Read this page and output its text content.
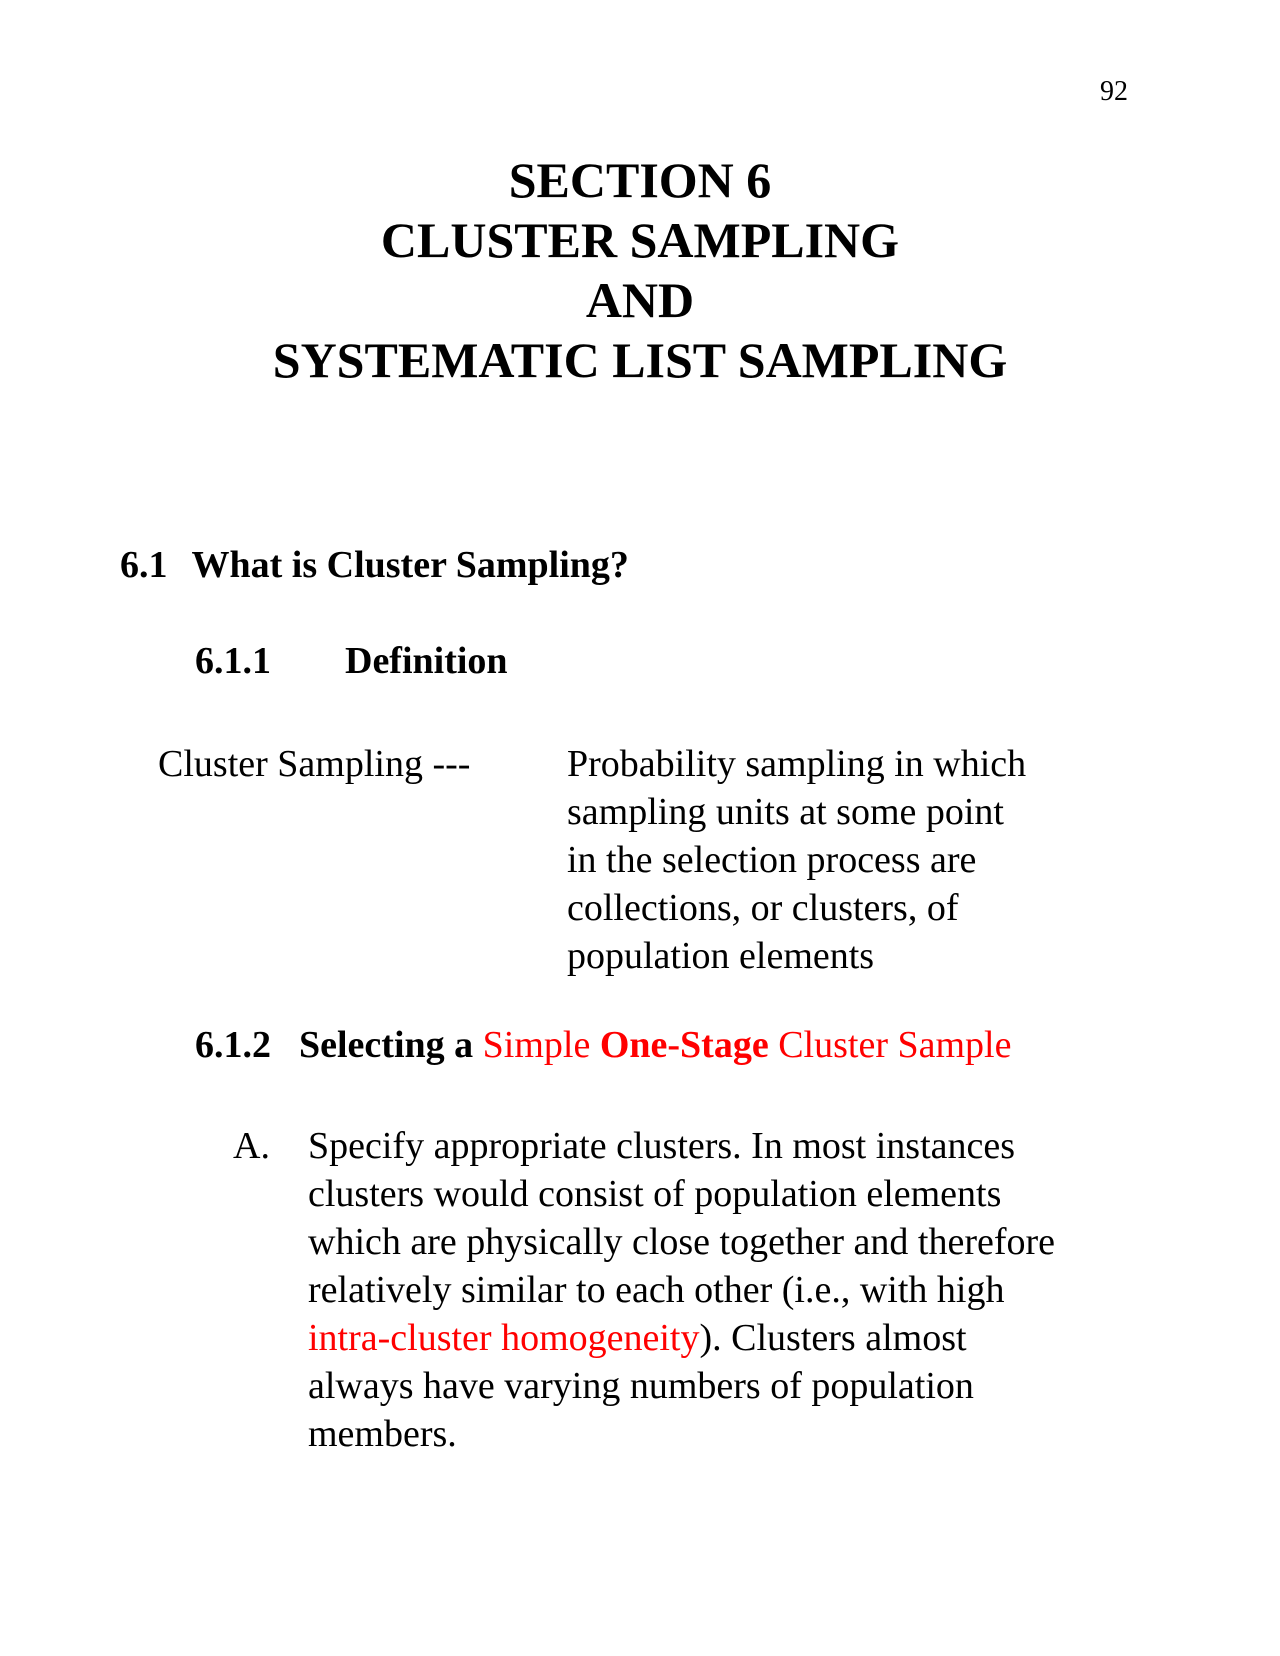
92
SECTION 6
CLUSTER SAMPLING
AND
SYSTEMATIC LIST SAMPLING
6.1 What is Cluster Sampling?
6.1.1 Definition
Cluster Sampling ---	Probability sampling in which
sampling units at some point
in the selection process are
collections, or clusters, of
population elements
6.1.2 Selecting a Simple One-Stage Cluster Sample
A. Specify appropriate clusters. In most instances
clusters would consist of population elements
which are physically close together and therefore
relatively similar to each other (i.e., with high
intra-cluster homogeneity). Clusters almost
always have varying numbers of population
members.
